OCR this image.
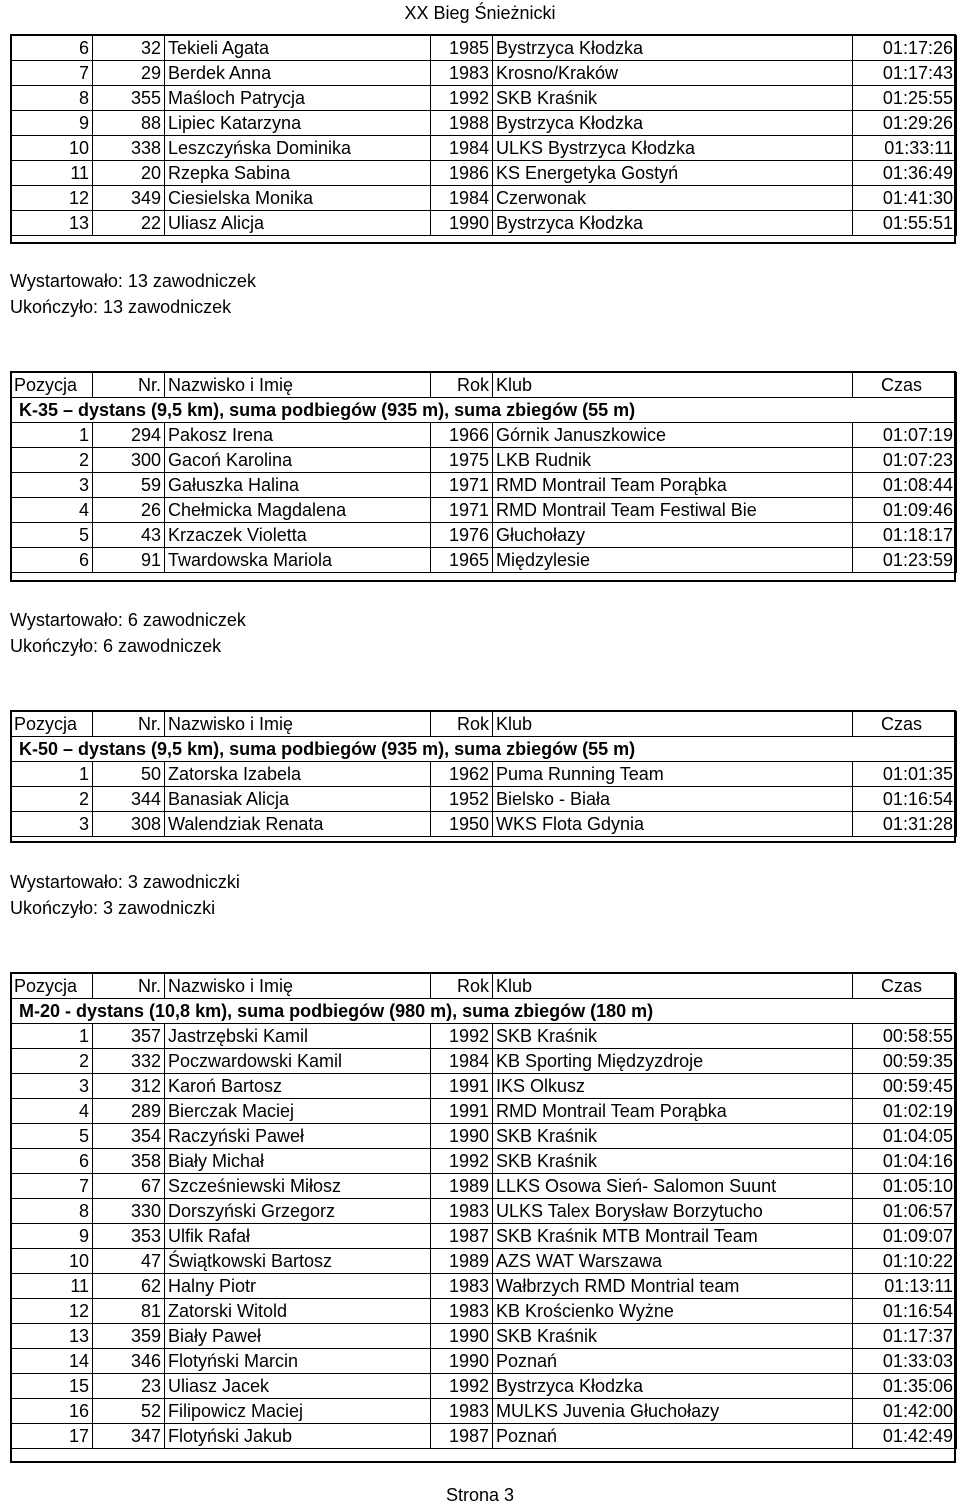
XX Bieg Śnieżnicki
6	32	Tekieli Agata	1985	Bystrzyca Kłodzka	01:17:26
7	29	Berdek Anna	1983	Krosno/Kraków	01:17:43
8	355	Maśloch Patrycja	1992	SKB Kraśnik	01:25:55
9	88	Lipiec Katarzyna	1988	Bystrzyca Kłodzka	01:29:26
10	338	Leszczyńska Dominika	1984	ULKS Bystrzyca Kłodzka	01:33:11
11	20	Rzepka Sabina	1986	KS Energetyka Gostyń	01:36:49
12	349	Ciesielska Monika	1984	Czerwonak	01:41:30
13	22	Uliasz Alicja	1990	Bystrzyca Kłodzka	01:55:51
Wystartowało: 13 zawodniczek
Ukończyło: 13 zawodniczek
Pozycja	Nr.	Nazwisko i Imię	Rok	Klub	Czas
K-35 – dystans (9,5 km), suma podbiegów (935 m), suma zbiegów (55 m)					
1	294	Pakosz Irena	1966	Górnik Januszkowice	01:07:19
2	300	Gacoń Karolina	1975	LKB Rudnik	01:07:23
3	59	Gałuszka Halina	1971	RMD Montrail Team Porąbka	01:08:44
4	26	Chełmicka Magdalena	1971	RMD Montrail Team Festiwal Bie	01:09:46
5	43	Krzaczek Violetta	1976	Głuchołazy	01:18:17
6	91	Twardowska Mariola	1965	Międzylesie	01:23:59
Wystartowało: 6 zawodniczek
Ukończyło: 6 zawodniczek
Pozycja	Nr.	Nazwisko i Imię	Rok	Klub	Czas
K-50 – dystans (9,5 km), suma podbiegów (935 m), suma zbiegów (55 m)					
1	50	Zatorska Izabela	1962	Puma Running Team	01:01:35
2	344	Banasiak Alicja	1952	Bielsko - Biała	01:16:54
3	308	Walendziak Renata	1950	WKS Flota Gdynia	01:31:28
Wystartowało: 3 zawodniczki
Ukończyło: 3 zawodniczki
Pozycja	Nr.	Nazwisko i Imię	Rok	Klub	Czas
M-20 - dystans (10,8 km), suma podbiegów (980 m), suma zbiegów (180 m)					
1	357	Jastrzębski Kamil	1992	SKB Kraśnik	00:58:55
2	332	Poczwardowski Kamil	1984	KB Sporting Międzyzdroje	00:59:35
3	312	Karoń Bartosz	1991	IKS Olkusz	00:59:45
4	289	Bierczak Maciej	1991	RMD Montrail Team Porąbka	01:02:19
5	354	Raczyński Paweł	1990	SKB Kraśnik	01:04:05
6	358	Biały Michał	1992	SKB Kraśnik	01:04:16
7	67	Szcześniewski Miłosz	1989	LLKS Osowa Sień- Salomon Suunt	01:05:10
8	330	Dorszyński Grzegorz	1983	ULKS Talex Borysław Borzytucho	01:06:57
9	353	Ulfik Rafał	1987	SKB Kraśnik MTB Montrail Team	01:09:07
10	47	Świątkowski Bartosz	1989	AZS WAT Warszawa	01:10:22
11	62	Halny Piotr	1983	Wałbrzych RMD Montrial team	01:13:11
12	81	Zatorski Witold	1983	KB Krościenko Wyżne	01:16:54
13	359	Biały Paweł	1990	SKB Kraśnik	01:17:37
14	346	Flotyński Marcin	1990	Poznań	01:33:03
15	23	Uliasz Jacek	1992	Bystrzyca Kłodzka	01:35:06
16	52	Filipowicz Maciej	1983	MULKS Juvenia Głuchołazy	01:42:00
17	347	Flotyński Jakub	1987	Poznań	01:42:49
Strona 3
